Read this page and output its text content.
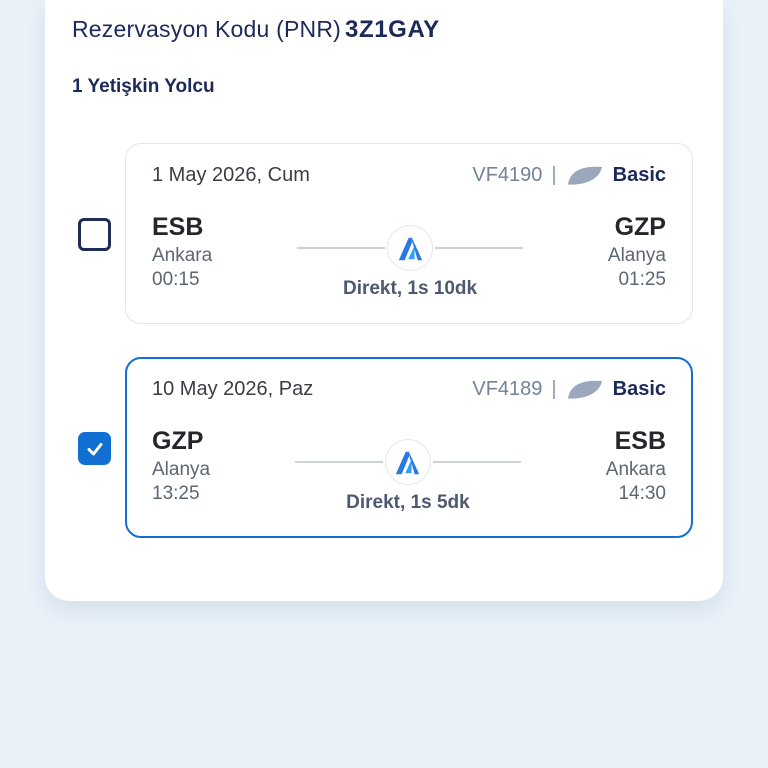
Rezervasyon Kodu (PNR) 3Z1GAY
1 Yetişkin Yolcu
1 May 2026, Cum	VF4190 |	Basic
ESB
Ankara
00:15	Direkt, 1s 10dk
GZP
Alanya
01:25
10 May 2026, Paz	VF4189 |	Basic
GZP
Alanya
13:25	Direkt, 1s 5dk
ESB
Ankara
14:30
